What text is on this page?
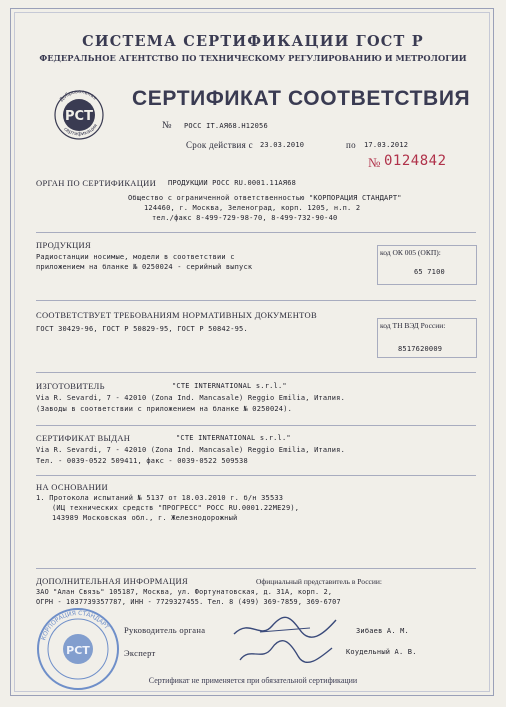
СИСТЕМА СЕРТИФИКАЦИИ ГОСТ Р
ФЕДЕРАЛЬНОЕ АГЕНТСТВО ПО ТЕХНИЧЕСКОМУ РЕГУЛИРОВАНИЮ И МЕТРОЛОГИИ
PCT
Добровольная
сертификация
СЕРТИФИКАТ СООТВЕТСТВИЯ
№ РОСС IT.АЯ68.Н12056
Срок действия с 23.03.2010	по 17.03.2012
№ 0124842
ОРГАН ПО СЕРТИФИКАЦИИ ПРОДУКЦИИ РОСС RU.0001.11АЯ68
Общество с ограниченной ответственностью "КОРПОРАЦИЯ СТАНДАРТ"
124460, г. Москва, Зеленоград, корп. 1205, н.п. 2
тел./факс 8-499-729-98-70, 8-499-732-90-40
ПРОДУКЦИЯ
Радиостанции носимые, модели в соответствии с
приложением на бланке № 0250024 - серийный выпуск
код ОК 005 (ОКП):
65 7100
СООТВЕТСТВУЕТ ТРЕБОВАНИЯМ НОРМАТИВНЫХ ДОКУМЕНТОВ
ГОСТ 30429-96, ГОСТ Р 50829-95, ГОСТ Р 50842-95.	код ТН ВЭД России:
8517620009
ИЗГОТОВИТЕЛЬ	"CTE INTERNATIONAL s.r.l."
Via R. Sevardi, 7 - 42010 (Zona Ind. Mancasale) Reggio Emilia, Италия.
(Заводы в соответствии с приложением на бланке № 0250024).
СЕРТИФИКАТ ВЫДАН	"CTE INTERNATIONAL s.r.l."
Via R. Sevardi, 7 - 42010 (Zona Ind. Mancasale) Reggio Emilia, Италия.
Тел. - 0039-0522 509411, факс - 0039-0522 509538
НА ОСНОВАНИИ
1. Протокола испытаний № 5137 от 18.03.2010 г. б/н 35533
(ИЦ технических средств "ПРОГРЕСС" РОСС RU.0001.22МЕ29),
143989 Московская обл., г. Железнодорожный
ДОПОЛНИТЕЛЬНАЯ ИНФОРМАЦИЯ	Официальный представитель в России:
ЗАО "Алан Связь" 105187, Москва, ул. Фортунатовская, д. 31А, корп. 2,
ОГРН - 1037739357787, ИНН - 7729327455. Тел. 8 (499) 369-7859, 369-6707
PCT
КОРПОРАЦИЯ СТАНДАРТ Руководитель органа	Зибаев А. М.
Эксперт	Коудельный А. В.
Сертификат не применяется при обязательной сертификации
